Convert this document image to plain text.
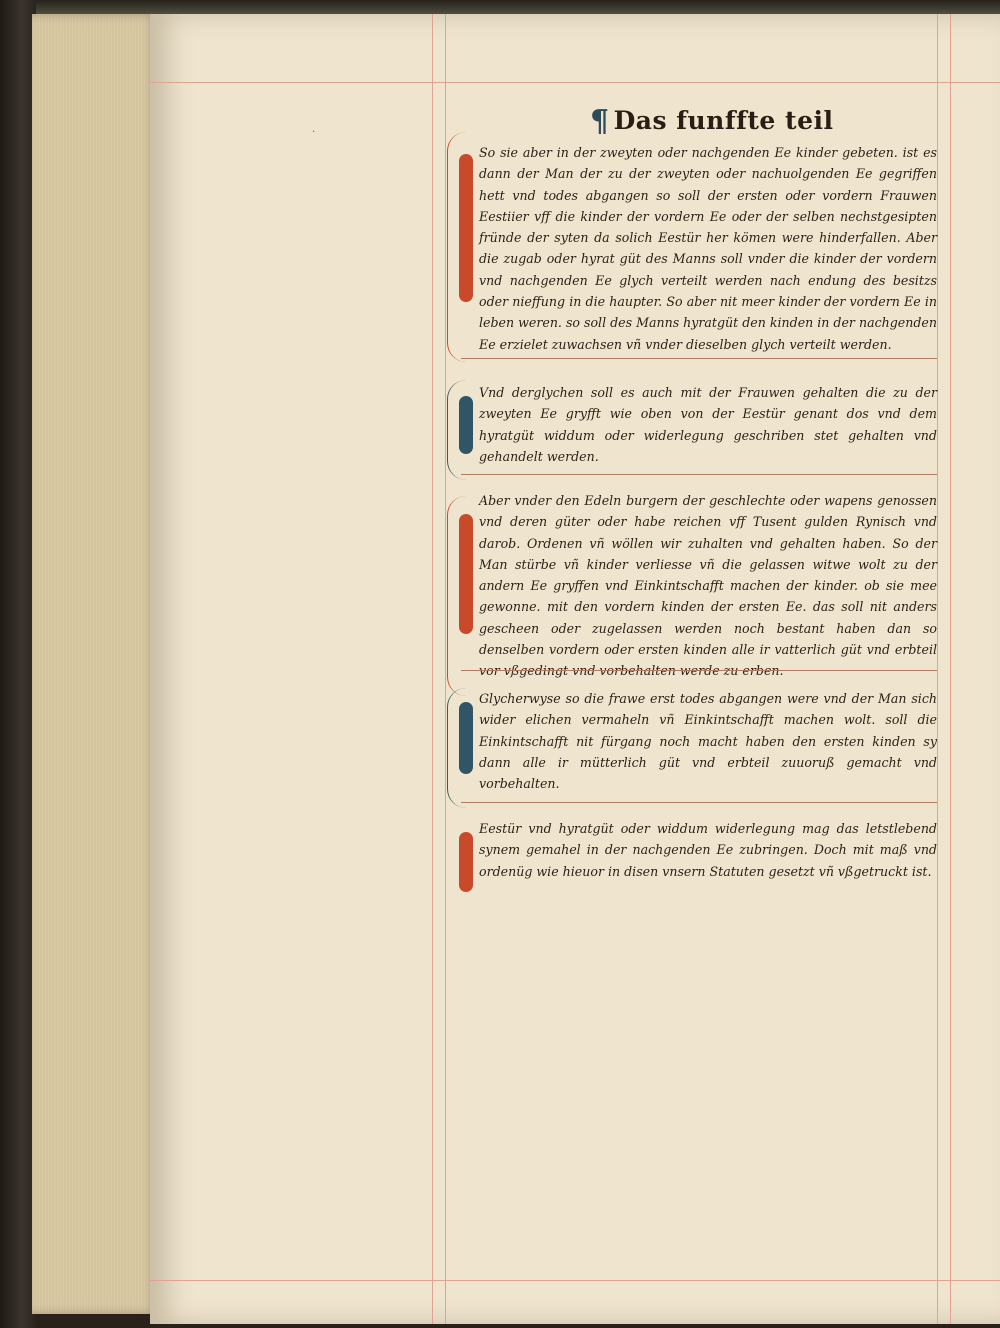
.	¶ Das funffte teil

So sie aber in der zweyten oder nachgenden Ee kinder gebeten. ist es dann der Man der zu der zweyten oder nachuolgenden Ee gegriffen hett vnd todes abgangen so soll der ersten oder vordern Frauwen Eestiier vff die kinder der vordern Ee oder der selben nechstgesipten fründe der syten da solich Eestür her kömen were hinderfallen. Aber die zugab oder hyrat güt des Manns soll vnder die kinder der vordern vnd nachgenden Ee glych verteilt werden nach endung des besitzs oder nieffung in die haupter. So aber nit meer kinder der vordern Ee in leben weren. so soll des Manns hyratgüt den kinden in der nachgenden Ee erzielet zuwachsen vñ vnder dieselben glych verteilt werden.

Vnd derglychen soll es auch mit der Frauwen gehalten die zu der zweyten Ee gryfft wie oben von der Eestür genant dos vnd dem hyratgüt widdum oder widerlegung geschriben stet gehalten vnd gehandelt werden.

Aber vnder den Edeln burgern der geschlechte oder wapens genossen vnd deren güter oder habe reichen vff Tusent gulden Rynisch vnd darob. Ordenen vñ wöllen wir zuhalten vnd gehalten haben. So der Man stürbe vñ kinder verliesse vñ die gelassen witwe wolt zu der andern Ee gryffen vnd Einkintschafft machen der kinder. ob sie mee gewonne. mit den vordern kinden der ersten Ee. das soll nit anders gescheen oder zugelassen werden noch bestant haben dan so denselben vordern oder ersten kinden alle ir vatterlich güt vnd erbteil vor vßgedingt vnd vorbehalten werde zu erben.

Glycherwyse so die frawe erst todes abgangen were vnd der Man sich wider elichen vermaheln vñ Einkintschafft machen wolt. soll die Einkintschafft nit fürgang noch macht haben den ersten kinden sy dann alle ir mütterlich güt vnd erbteil zuuoruß gemacht vnd vorbehalten.

Eestür vnd hyratgüt oder widdum widerlegung mag das letstlebend synem gemahel in der nachgenden Ee zubringen. Doch mit maß vnd ordenüg wie hieuor in disen vnsern Statuten gesetzt vñ vßgetruckt ist.
